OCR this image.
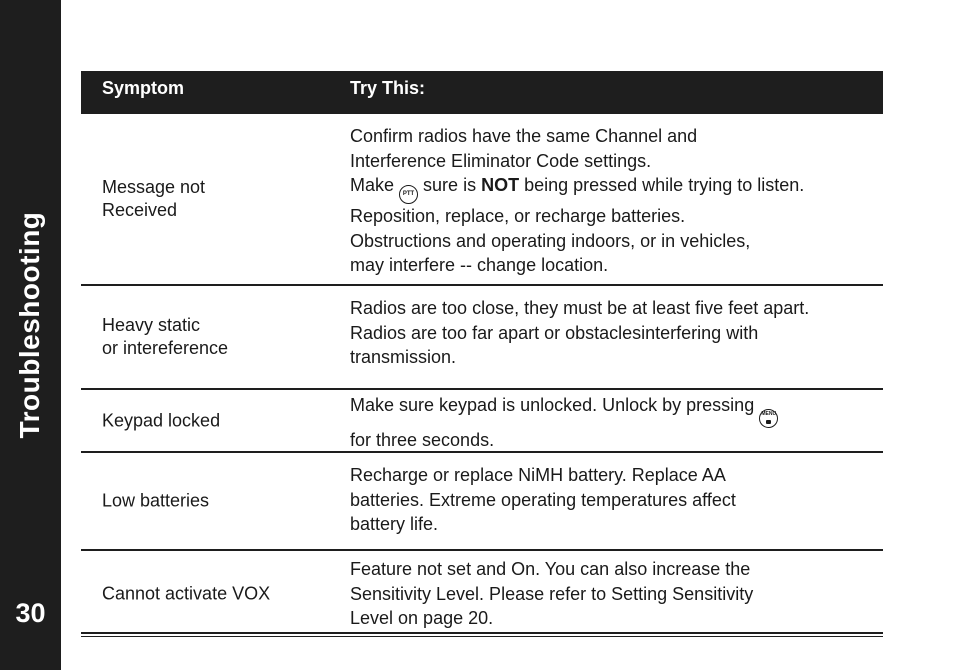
Troubleshooting
30
Symptom	Try This:
Message not
Received
Confirm radios have the same Channel and
Interference Eliminator Code settings.
Make PTT sure is NOT being pressed while trying to listen.
Reposition, replace, or recharge batteries.
Obstructions and operating indoors, or in vehicles,
may interfere -- change location.
Heavy static
or intereference
Radios are too close, they must be at least five feet apart.
Radios are too far apart or obstaclesinterfering with
transmission.
Keypad locked
Make sure keypad is unlocked. Unlock by pressing MENU
for three seconds.
Low batteries
Recharge or replace NiMH battery. Replace AA
batteries. Extreme operating temperatures affect
battery life.
Cannot activate VOX
Feature not set and On. You can also increase the
Sensitivity Level. Please refer to Setting Sensitivity
Level on page 20.
